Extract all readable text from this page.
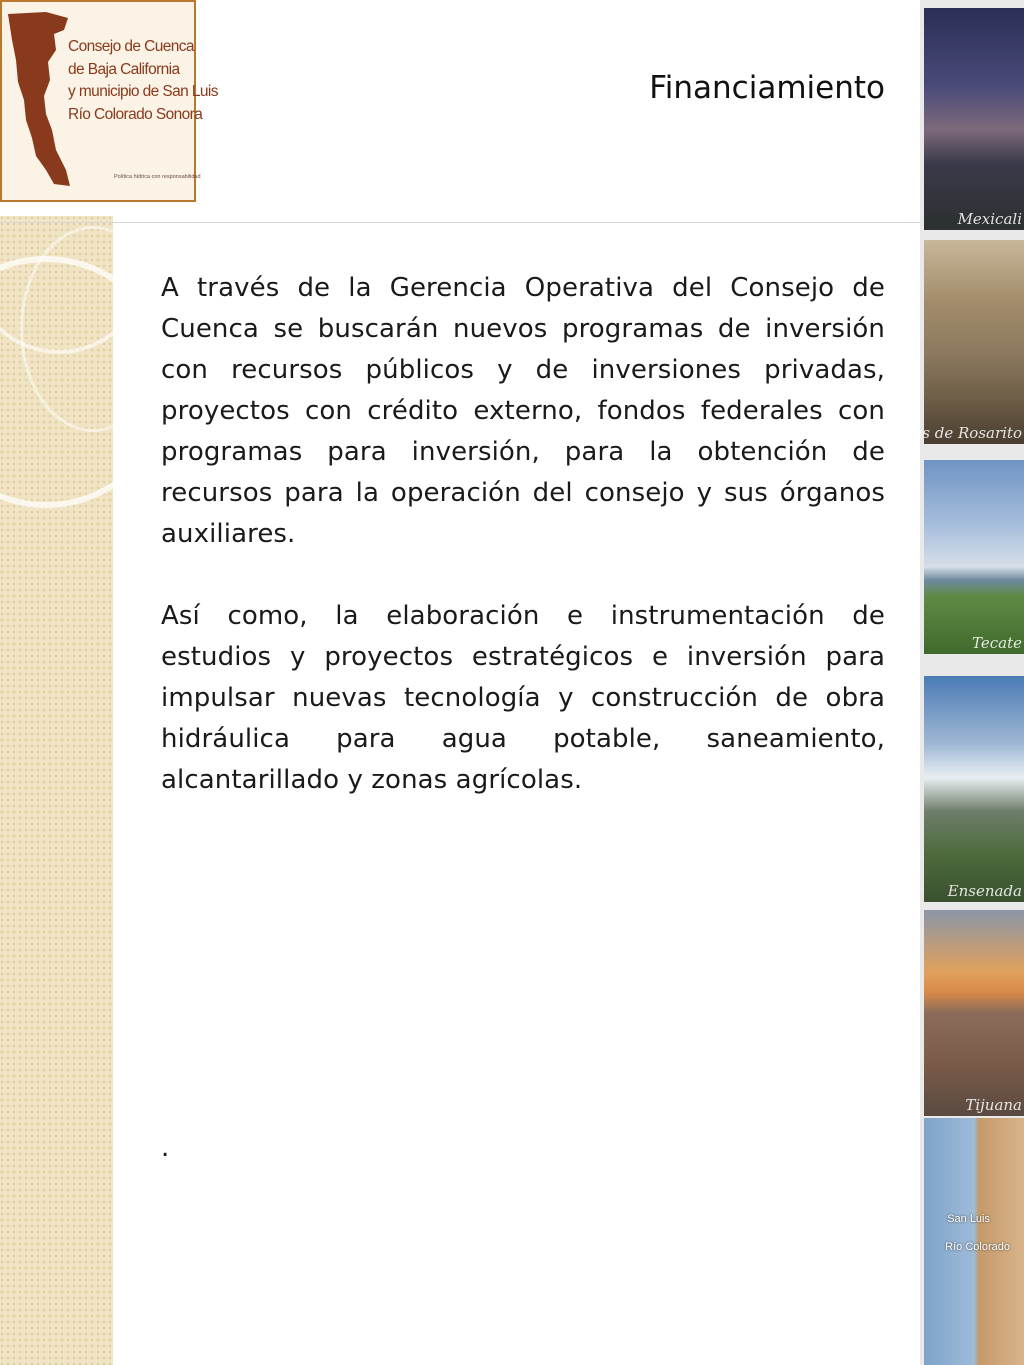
Consejo de Cuenca
de Baja California
y municipio de San Luis
Río Colorado Sonora
Política hídrica con responsabilidad
Financiamiento

A través de la Gerencia Operativa del Consejo de Cuenca se buscarán nuevos programas de inversión con recursos públicos y de inversiones privadas, proyectos con crédito externo, fondos federales con programas para inversión, para la obtención de recursos para la operación del consejo y sus órganos auxiliares.

Así como, la elaboración e instrumentación de estudios y proyectos estratégicos e inversión para impulsar nuevas tecnología y construcción de obra hidráulica para agua potable, saneamiento, alcantarillado y zonas agrícolas.

.
Mexicali
Playas de Rosarito
Tecate
Ensenada
Tijuana
San Luis
Río Colorado
